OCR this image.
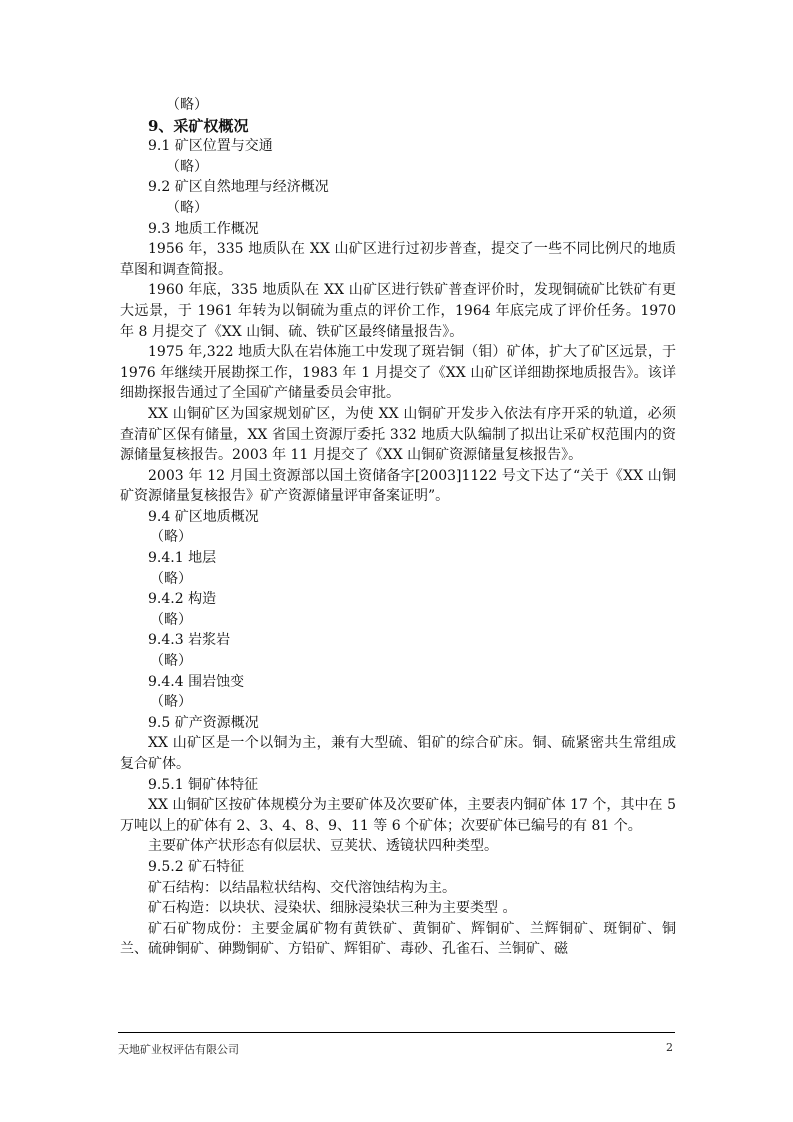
（略）
9、采矿权概况
9.1 矿区位置与交通
（略）
9.2 矿区自然地理与经济概况
（略）
9.3 地质工作概况

1956 年，335 地质队在 XX 山矿区进行过初步普查，提交了一些不同比例尺的地质草图和调查简报。

1960 年底，335 地质队在 XX 山矿区进行铁矿普查评价时，发现铜硫矿比铁矿有更大远景，于 1961 年转为以铜硫为重点的评价工作，1964 年底完成了评价任务。1970 年 8 月提交了《XX 山铜、硫、铁矿区最终储量报告》。

1975 年,322 地质大队在岩体施工中发现了斑岩铜（钼）矿体，扩大了矿区远景，于 1976 年继续开展勘探工作，1983 年 1 月提交了《XX 山矿区详细勘探地质报告》。该详细勘探报告通过了全国矿产储量委员会审批。

XX 山铜矿区为国家规划矿区，为使 XX 山铜矿开发步入依法有序开采的轨道，必须查清矿区保有储量，XX 省国土资源厅委托 332 地质大队编制了拟出让采矿权范围内的资源储量复核报告。2003 年 11 月提交了《XX 山铜矿资源储量复核报告》。

2003 年 12 月国土资源部以国土资储备字[2003]1122 号文下达了“关于《XX 山铜矿资源储量复核报告》矿产资源储量评审备案证明”。

9.4 矿区地质概况
（略）
9.4.1 地层
（略）
9.4.2 构造
（略）
9.4.3 岩浆岩
（略）
9.4.4 围岩蚀变
（略）
9.5 矿产资源概况

XX 山矿区是一个以铜为主，兼有大型硫、钼矿的综合矿床。铜、硫紧密共生常组成复合矿体。

9.5.1 铜矿体特征

XX 山铜矿区按矿体规模分为主要矿体及次要矿体，主要表内铜矿体 17 个，其中在 5 万吨以上的矿体有 2、3、4、8、9、11 等 6 个矿体；次要矿体已编号的有 81 个。

主要矿体产状形态有似层状、豆荚状、透镜状四种类型。

9.5.2 矿石特征

矿石结构：以结晶粒状结构、交代溶蚀结构为主。

矿石构造：以块状、浸染状、细脉浸染状三种为主要类型 。

矿石矿物成份：主要金属矿物有黄铁矿、黄铜矿、辉铜矿、兰辉铜矿、斑铜矿、铜兰、硫砷铜矿、砷黝铜矿、方铅矿、辉钼矿、毒砂、孔雀石、兰铜矿、磁

天地矿业权评估有限公司	2
